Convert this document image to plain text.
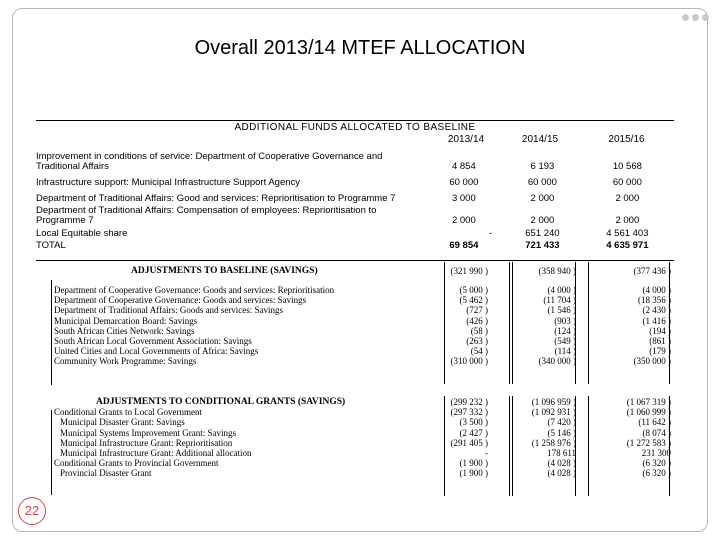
Overall 2013/14 MTEF ALLOCATION
ADDITIONAL FUNDS ALLOCATED TO BASELINE
2013/14	2014/15	2015/16
Improvement in conditions of service: Department of Cooperative Governance and Traditional Affairs	4 854	6 193	10 568
Infrastructure support: Municipal Infrastructure Support Agency	60 000	60 000	60 000
Department of Traditional Affairs: Good and services: Reprioritisation to Programme 7	3 000	2 000	2 000
Department of Traditional Affairs: Compensation of employees: Reprioritisation to Programme 7	2 000	2 000	2 000
Local Equitable share	-	651 240	4 561 403
TOTAL	69 854	721 433	4 635 971
ADJUSTMENTS TO BASELINE (SAVINGS)	(321 990 )	(358 940 )	(377 436 )
Department of Cooperative Governance: Goods and services: Reprioritisation	(5 000 )	(4 000 )	(4 000 )
Department of Cooperative Governance: Goods and services: Savings	(5 462 )	(11 704 )	(18 356 )
Department of Traditional Affairs: Goods and services: Savings	(727 )	(1 546 )	(2 430 )
Municipal Demarcation Board: Savings	(426 )	(903 )	(1 416 )
South African Cities Network: Savings	(58 )	(124 )	(194 )
South African Local Government Association: Savings	(263 )	(549 )	(861 )
United Cities and Local Governments of Africa: Savings	(54 )	(114 )	(179 )
Community Work Programme: Savings	(310 000 )	(340 000 )	(350 000 )
ADJUSTMENTS TO CONDITIONAL GRANTS (SAVINGS)	(299 232 )	(1 096 959 )	(1 067 319 )
Conditional Grants to Local Government	(297 332 )	(1 092 931 )	(1 060 999 )
Municipal Disaster Grant: Savings	(3 500 )	(7 420 )	(11 642 )
Municipal Systems Improvement Grant: Savings	(2 427 )	(5 146 )	(8 074 )
Municipal Infrastructure Grant: Reprioritisation	(291 405 )	(1 258 976 )	(1 272 583 )
Municipal Infrastructure Grant: Additional allocation	-	178 611	231 300
Conditional Grants to Provincial Government	(1 900 )	(4 028 )	(6 320 )
Provincial Disaster Grant	(1 900 )	(4 028 )	(6 320 )
22
